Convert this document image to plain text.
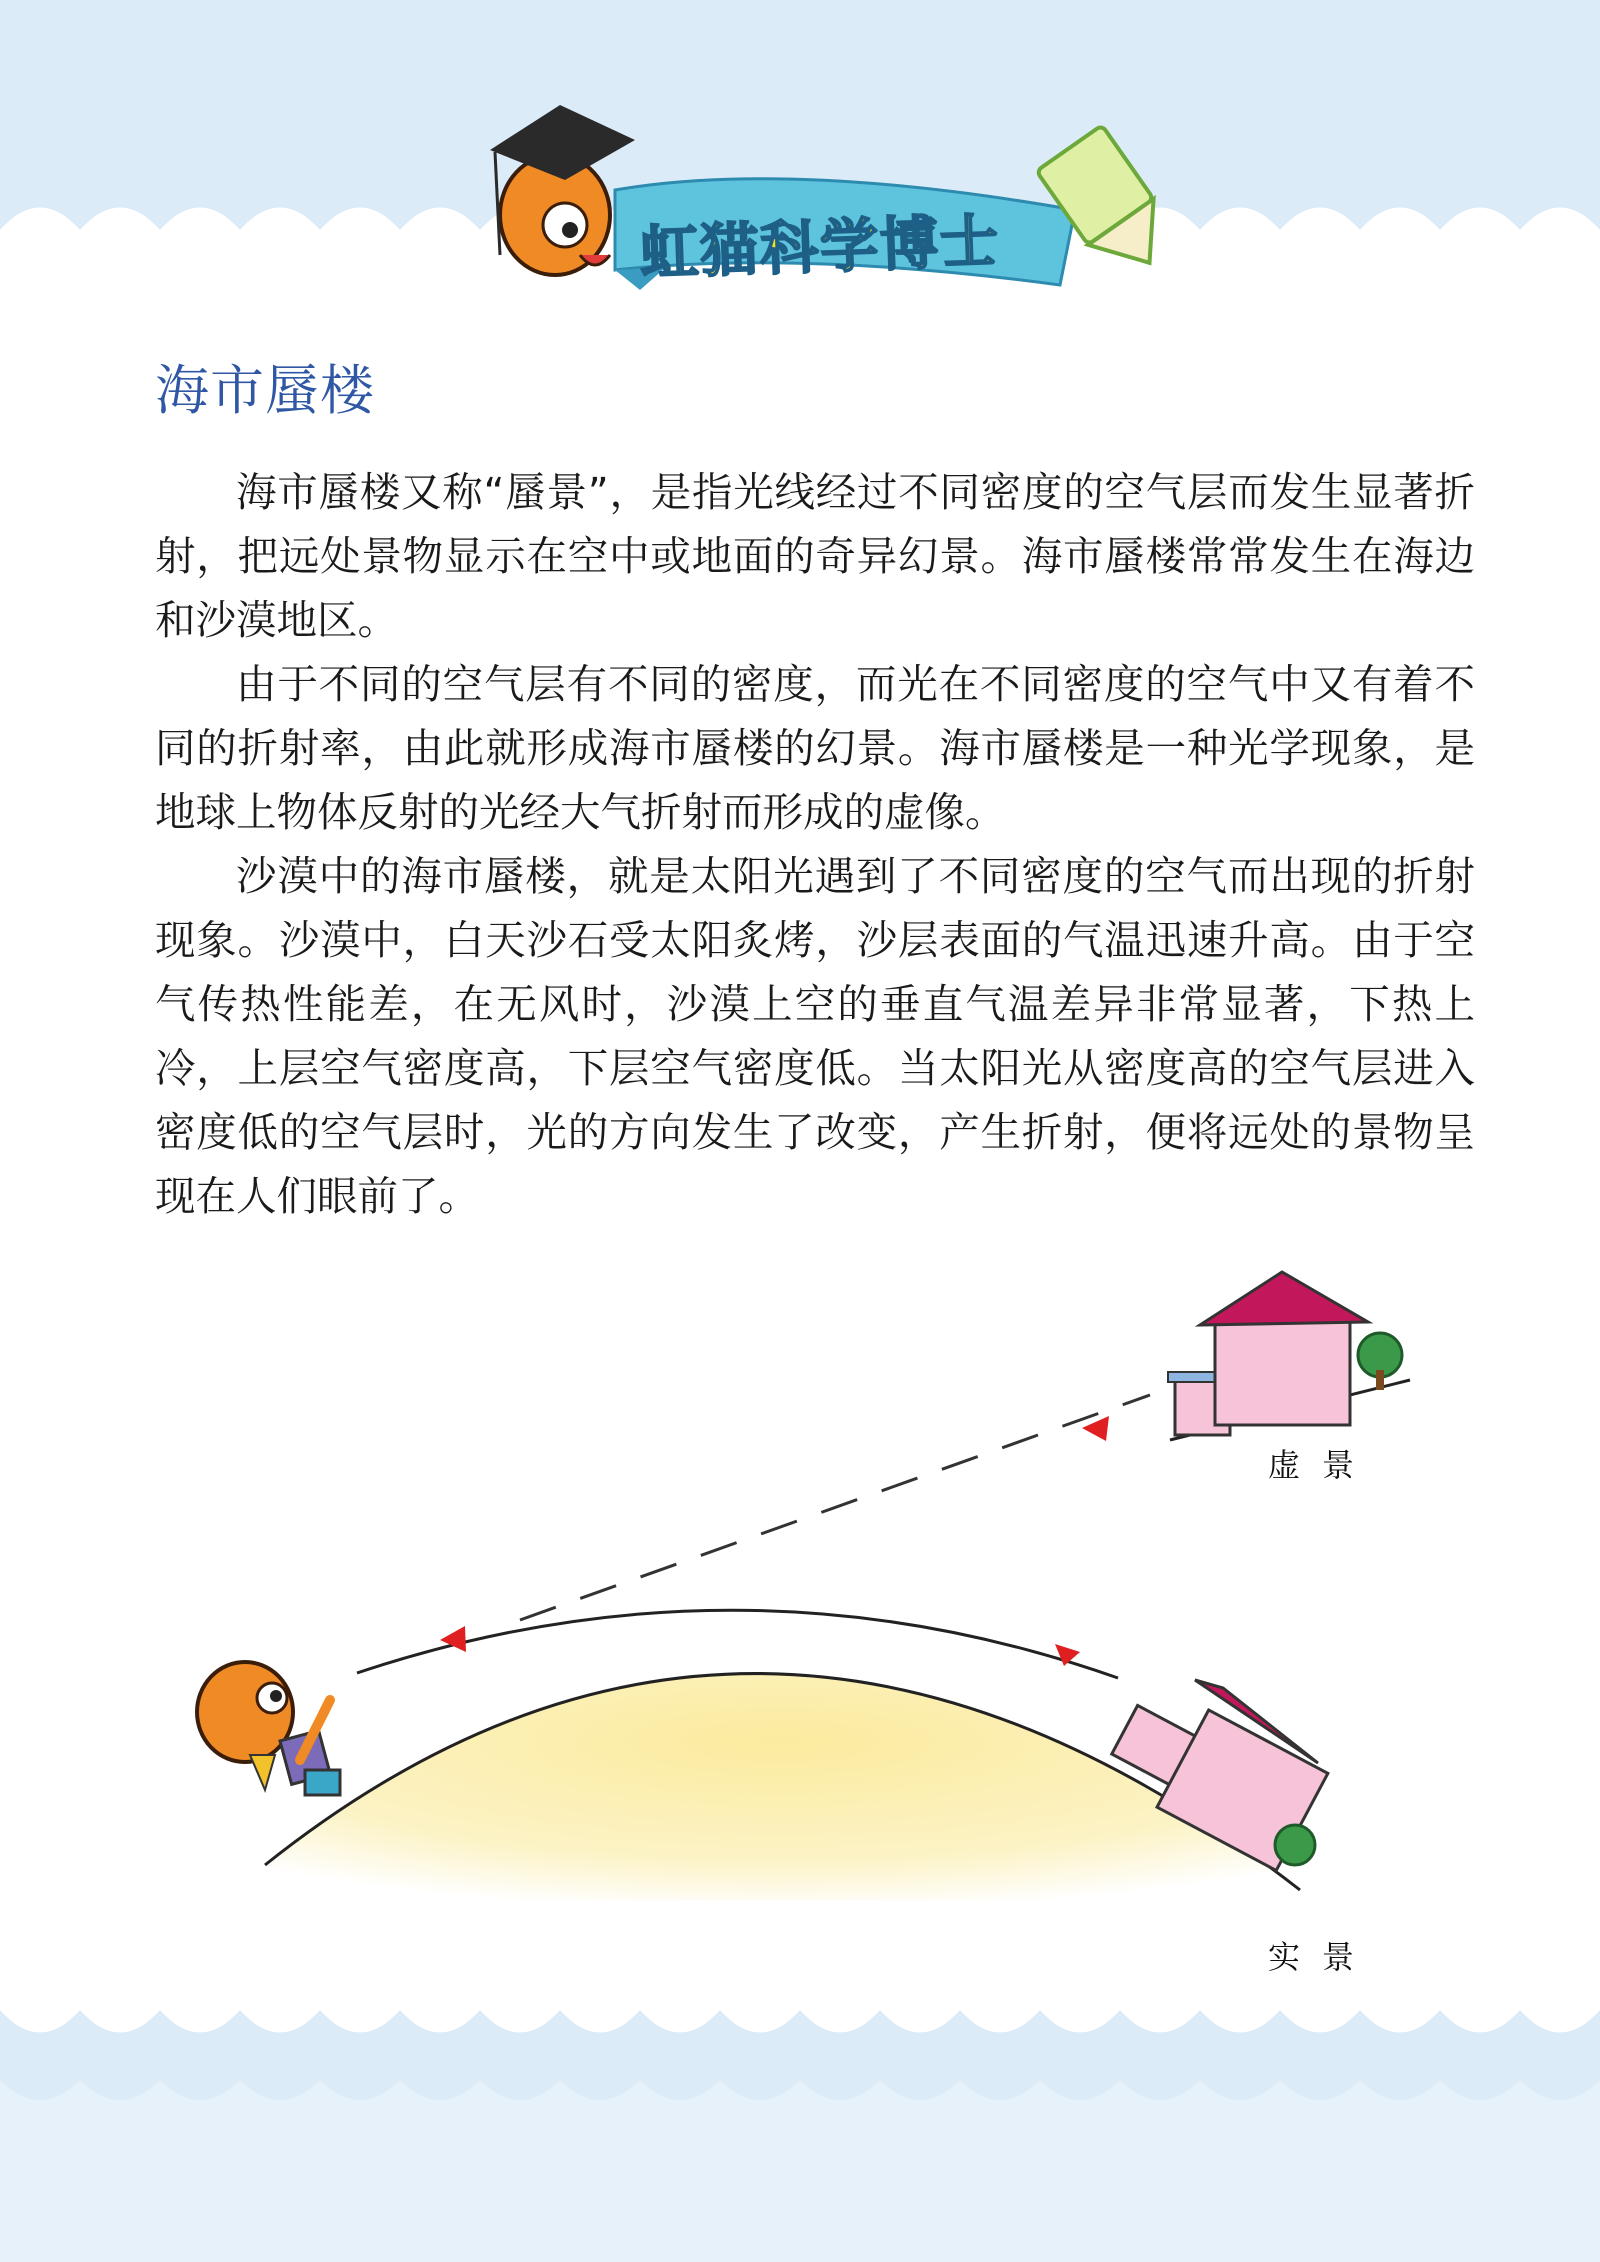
虹猫科学博士
海市蜃楼

海市蜃楼又称“蜃景”，是指光线经过不同密度的空气层而发生显著折射，把远处景物显示在空中或地面的奇异幻景。海市蜃楼常常发生在海边和沙漠地区。

由于不同的空气层有不同的密度，而光在不同密度的空气中又有着不同的折射率，由此就形成海市蜃楼的幻景。海市蜃楼是一种光学现象，是地球上物体反射的光经大气折射而形成的虚像。

沙漠中的海市蜃楼，就是太阳光遇到了不同密度的空气而出现的折射现象。沙漠中，白天沙石受太阳炙烤，沙层表面的气温迅速升高。由于空气传热性能差，在无风时，沙漠上空的垂直气温差异非常显著，下热上冷，上层空气密度高，下层空气密度低。当太阳光从密度高的空气层进入密度低的空气层时，光的方向发生了改变，产生折射，便将远处的景物呈现在人们眼前了。

虚景
实景
